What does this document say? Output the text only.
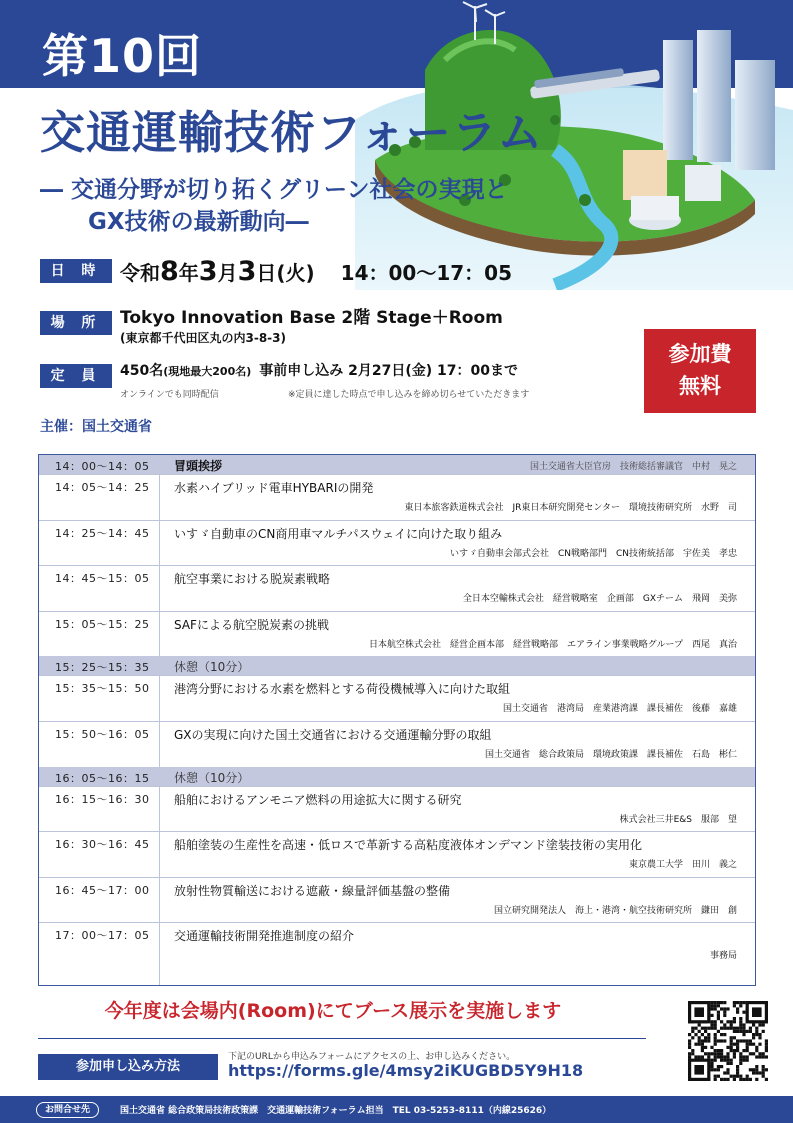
第10回
交通運輸技術フォーラム
― 交通分野が切り拓くグリーン社会の実現と
GX技術の最新動向―
日 時 令和8年3月3日(火) 14：00～17：05
場 所	Tokyo Innovation Base 2階 Stage＋Room
(東京都千代田区丸の内3-8-3)
定 員	450名(現地最大200名) 事前申し込み 2月27日(金) 17：00まで
オンラインでも同時配信	※定員に達した時点で申し込みを締め切らせていただきます
参加費
無料
主催：国土交通省
14：00～14：05 冒頭挨拶	国土交通省大臣官房　技術総括審議官　中村　晃之
14：05～14：25 水素ハイブリッド電車HYBARIの開発
東日本旅客鉄道株式会社　JR東日本研究開発センター　環境技術研究所　水野　司
14：25～14：45 いすゞ自動車のCN商用車マルチパスウェイに向けた取り組み
いすゞ自動車会部式会社　CN戦略部門　CN技術統括部　宇佐美　孝忠
14：45～15：05 航空事業における脱炭素戦略
全日本空輸株式会社　経営戦略室　企画部　GXチーム　飛岡　美弥
15：05～15：25 SAFによる航空脱炭素の挑戦
日本航空株式会社　経営企画本部　経営戦略部　エアライン事業戦略グループ　西尾　真治
15：25～15：35 休憩（10分）
15：35～15：50 港湾分野における水素を燃料とする荷役機械導入に向けた取組
国土交通省　港湾局　産業港湾課　課長補佐　後藤　嘉雄
15：50～16：05 GXの実現に向けた国土交通省における交通運輸分野の取組
国土交通省　総合政策局　環境政策課　課長補佐　石島　彬仁
16：05～16：15 休憩（10分）
16：15～16：30 船舶におけるアンモニア燃料の用途拡大に関する研究
株式会社三井E&S　服部　望
16：30～16：45 船舶塗装の生産性を高速・低ロスで革新する高粘度液体オンデマンド塗装技術の実用化
東京農工大学　田川　義之
16：45～17：00 放射性物質輸送における遮蔽・線量評価基盤の整備
国立研究開発法人　海上・港湾・航空技術研究所　鎌田　創
17：00～17：05 交通運輸技術開発推進制度の紹介
事務局
今年度は会場内(Room)にてブース展示を実施します
参加申し込み方法
下記のURLから申込みフォームにアクセスの上、お申し込みください。
https://forms.gle/4msy2iKUGBD5Y9H18
お問合せ先	国土交通省 総合政策局技術政策課　交通運輸技術フォーラム担当　TEL 03-5253-8111（内線25626）
